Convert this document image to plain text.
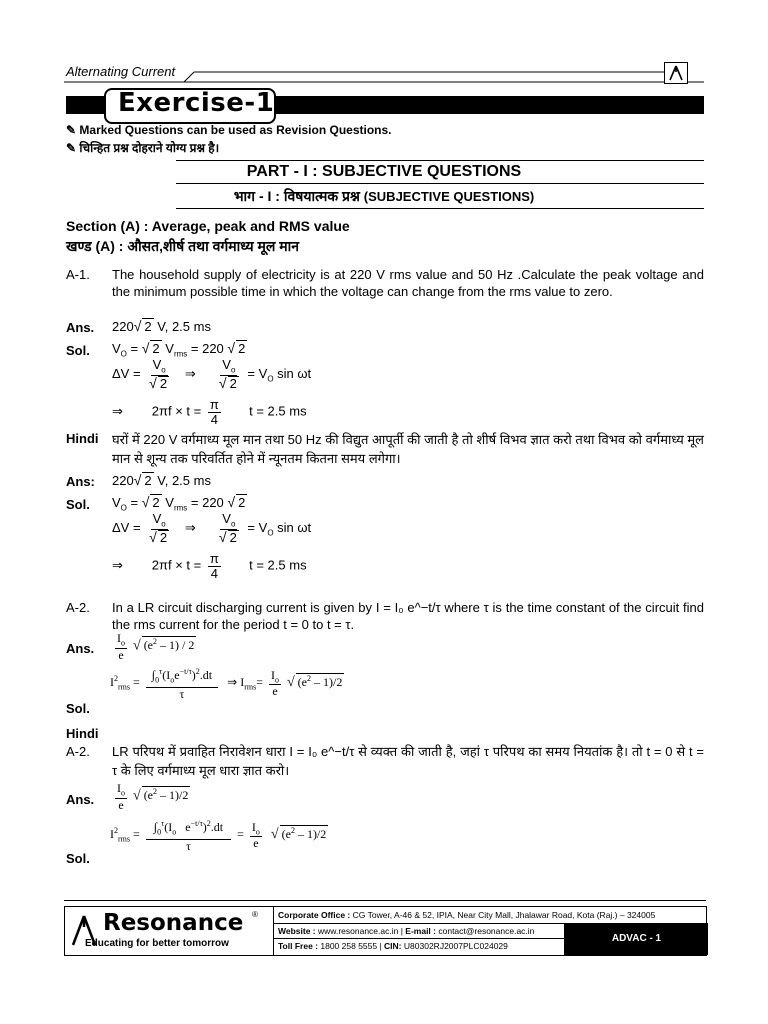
Alternating Current
Exercise-1
✎ Marked Questions can be used as Revision Questions.
✎ चिन्हित प्रश्न दोहराने योग्य प्रश्न है।
PART - I : SUBJECTIVE QUESTIONS
भाग - I : विषयात्मक प्रश्न (SUBJECTIVE QUESTIONS)
Section (A) : Average, peak and RMS value
खण्ड (A) : औसत,शीर्ष तथा वर्गमाध्य मूल मान
A-1. The household supply of electricity is at 220 V rms value and 50 Hz .Calculate the peak voltage and the minimum possible time in which the voltage can change from the rms value to zero.
Ans. 220√ 2 V, 2.5 ms
Sol. $V_O$ = √ 2 $V_{rms} = 220$ √ 2
$\Delta V = \frac{V_o}{√ 2}$ ⇒ $\frac{V_o}{√ 2} = V_O$ sin ωt
⇒        $2\pi f \times t = \frac{\pi}{4}$ t = 2.5 ms
Hindi घरों में 220 V वर्गमाध्य मूल मान तथा 50 Hz की विद्युत आपूर्ती की जाती है तो शीर्ष विभव ज्ञात करो तथा विभव को वर्गमाध्य मूल मान से शून्य तक परिवर्तित होने में न्यूनतम कितना समय लगेगा।
Ans: 220√ 2 V, 2.5 ms
Sol. $V_O$ = √ 2 $V_{rms} = 220$ √ 2
$\Delta V = \frac{V_o}{√ 2}$ ⇒ $\frac{V_o}{√ 2} = V_O$ sin ωt
⇒        $2\pi f \times t = \frac{\pi}{4}$ t = 2.5 ms
A-2. In a LR circuit discharging current is given by I = I₀ e^−t/τ where τ is the time constant of the circuit find the rms current for the period t = 0 to t = τ.
Ans. $\frac{I_o}{e}$ √ $(e^2 - 1) / 2$
Sol.
$I^2_{rms} = \frac{\int_0^\tau(I_oe^{-t/\tau})^2.dt}{\tau}$ ⇒ $I_{rms}= \frac{I_o}{e}$ √ $(e^2 - 1)/2$
Hindi
A-2. LR परिपथ में प्रवाहित निरावेशन धारा I = I₀ e^−t/τ से व्यक्त की जाती है, जहां τ परिपथ का समय नियतांक है। तो t = 0 से t = τ के लिए वर्गमाध्य मूल धारा ज्ञात करो।
Ans. $\frac{I_o}{e}$ √ $(e^2 - 1)/2$
Sol.
$I^2_{rms} = \frac{\int_0^\tau(I_o e^{-t/\tau})^2.dt}{\tau} = \frac{I_o}{e}$ √ $(e^2 - 1)/2$
Resonance ®
Educating for better tomorrow
Corporate Office : CG Tower, A-46 & 52, IPIA, Near City Mall, Jhalawar Road, Kota (Raj.) – 324005
Website : www.resonance.ac.in | E-mail : contact@resonance.ac.in
Toll Free : 1800 258 5555 | CIN: U80302RJ2007PLC024029
ADVAC - 1
